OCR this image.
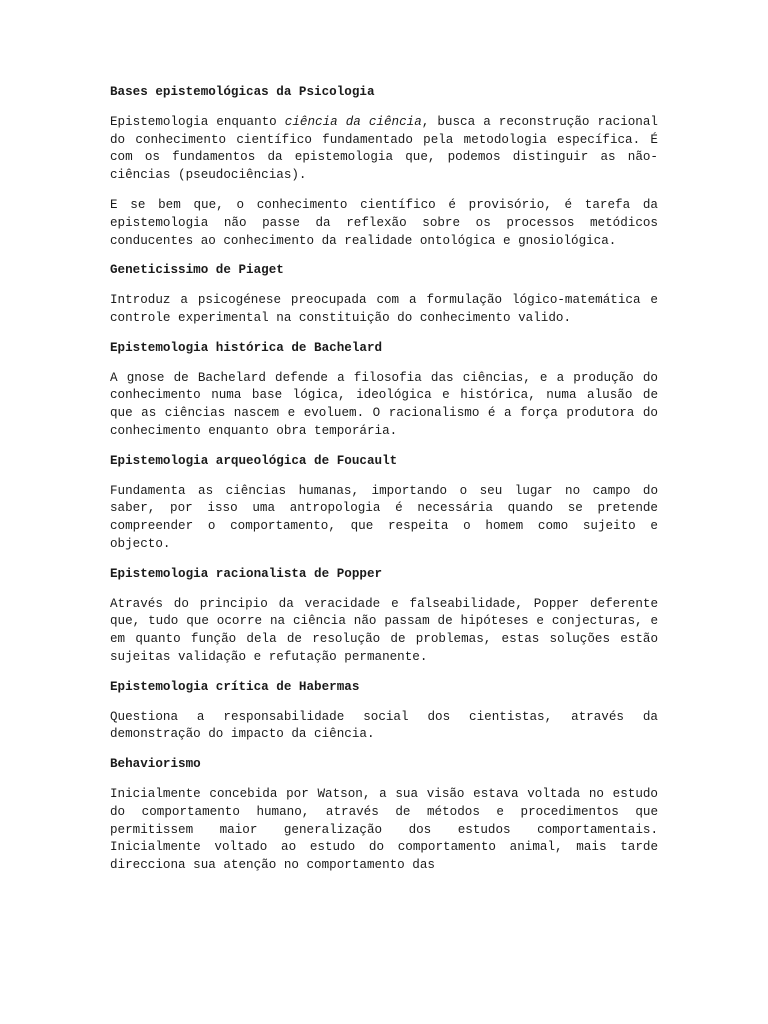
Bases epistemológicas da Psicologia
Epistemologia enquanto ciência da ciência, busca a reconstrução racional do conhecimento científico fundamentado pela metodologia específica. É com os fundamentos da epistemologia que, podemos distinguir as não-ciências (pseudociências).
E se bem que, o conhecimento científico é provisório, é tarefa da epistemologia não passe da reflexão sobre os processos metódicos conducentes ao conhecimento da realidade ontológica e gnosiológica.
Geneticissimo de Piaget
Introduz a psicogénese preocupada com a formulação lógico-matemática e controle experimental na constituição do conhecimento valido.
Epistemologia histórica de Bachelard
A gnose de Bachelard defende a filosofia das ciências, e a produção do conhecimento numa base lógica, ideológica e histórica, numa alusão de que as ciências nascem e evoluem. O racionalismo é a força produtora do conhecimento enquanto obra temporária.
Epistemologia arqueológica de Foucault
Fundamenta as ciências humanas, importando o seu lugar no campo do saber, por isso uma antropologia é necessária quando se pretende compreender o comportamento, que respeita o homem como sujeito e objecto.
Epistemologia racionalista de Popper
Através do principio da veracidade e falseabilidade, Popper deferente que, tudo que ocorre na ciência não passam de hipóteses e conjecturas, e em quanto função dela de resolução de problemas, estas soluções estão sujeitas validação e refutação permanente.
Epistemologia crítica de Habermas
Questiona a responsabilidade social dos cientistas, através da demonstração do impacto da ciência.
Behaviorismo
Inicialmente concebida por Watson, a sua visão estava voltada no estudo do comportamento humano, através de métodos e procedimentos que permitissem maior generalização dos estudos comportamentais. Inicialmente voltado ao estudo do comportamento animal, mais tarde direcciona sua atenção no comportamento das
